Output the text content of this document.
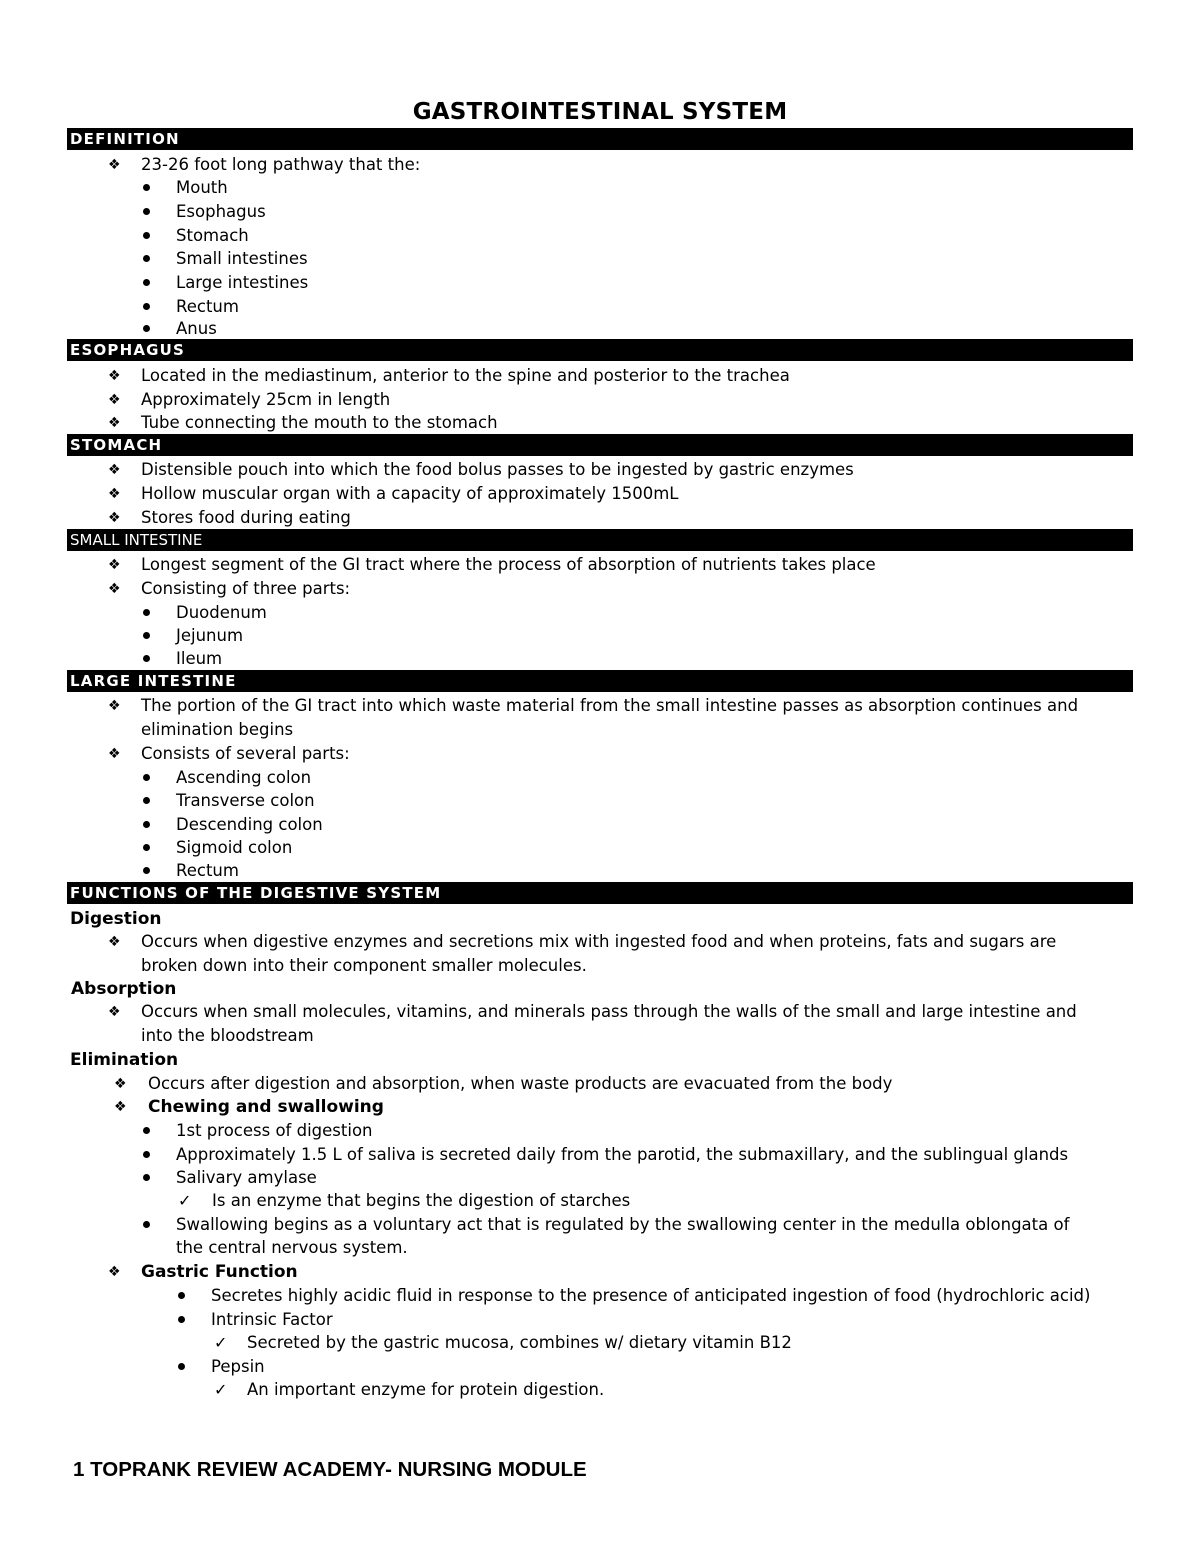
GASTROINTESTINAL SYSTEM
DEFINITION
❖ 23-26 foot long pathway that the:
Mouth
Esophagus
Stomach
Small intestines
Large intestines
Rectum
Anus
ESOPHAGUS
❖ Located in the mediastinum, anterior to the spine and posterior to the trachea
❖ Approximately 25cm in length
❖ Tube connecting the mouth to the stomach
STOMACH
❖ Distensible pouch into which the food bolus passes to be ingested by gastric enzymes
❖ Hollow muscular organ with a capacity of approximately 1500mL
❖ Stores food during eating
SMALL INTESTINE
❖ Longest segment of the GI tract where the process of absorption of nutrients takes place
❖ Consisting of three parts:
Duodenum
Jejunum
Ileum
LARGE INTESTINE
❖ The portion of the GI tract into which waste material from the small intestine passes as absorption continues and
elimination begins
❖ Consists of several parts:
Ascending colon
Transverse colon
Descending colon
Sigmoid colon
Rectum
FUNCTIONS OF THE DIGESTIVE SYSTEM
Digestion
❖ Occurs when digestive enzymes and secretions mix with ingested food and when proteins, fats and sugars are
broken down into their component smaller molecules.
Absorption
❖ Occurs when small molecules, vitamins, and minerals pass through the walls of the small and large intestine and
into the bloodstream
Elimination
❖ Occurs after digestion and absorption, when waste products are evacuated from the body
❖ Chewing and swallowing
1st process of digestion
Approximately 1.5 L of saliva is secreted daily from the parotid, the submaxillary, and the sublingual glands
Salivary amylase
✓ Is an enzyme that begins the digestion of starches
Swallowing begins as a voluntary act that is regulated by the swallowing center in the medulla oblongata of
the central nervous system.
❖ Gastric Function
Secretes highly acidic fluid in response to the presence of anticipated ingestion of food (hydrochloric acid)
Intrinsic Factor
✓ Secreted by the gastric mucosa, combines w/ dietary vitamin B12
Pepsin
✓ An important enzyme for protein digestion.
1 TOPRANK REVIEW ACADEMY- NURSING MODULE
